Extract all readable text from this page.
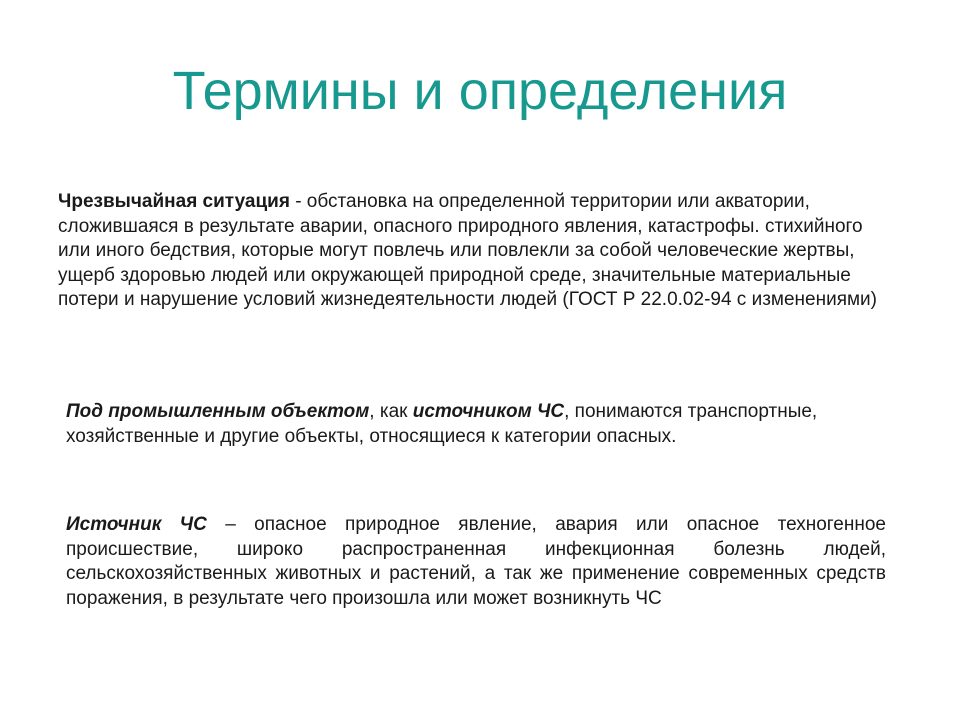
Термины и определения

Чрезвычайная ситуация - обстановка на определенной территории или акватории, сложившаяся в результате аварии, опасного природного явления, катастрофы. стихийного или иного бедствия, которые могут повлечь или повлекли за собой человеческие жертвы, ущерб здоровью людей или окружающей природной среде, значительные материальные потери и нарушение условий жизнедеятельности людей (ГОСТ Р 22.0.02-94 с изменениями)

Под промышленным объектом, как источником ЧС, понимаются транспортные, хозяйственные и другие объекты, относящиеся к категории опасных.

Источник ЧС – опасное природное явление, авария или опасное техногенное происшествие, широко распространенная инфекционная болезнь людей, сельскохозяйственных животных и растений, а так же применение современных средств поражения, в результате чего произошла или может возникнуть ЧС
